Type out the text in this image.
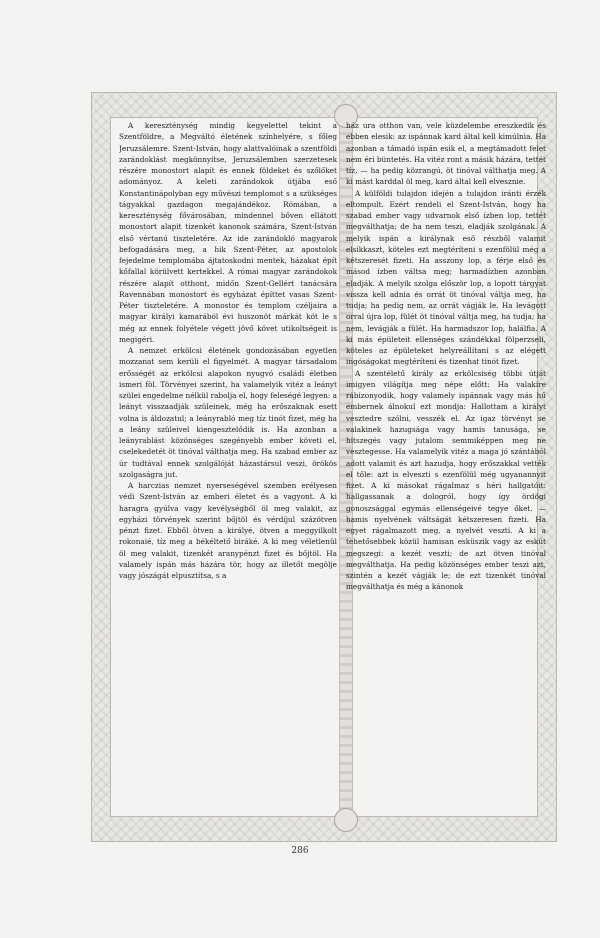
A kereszténység mindig kegyelettel tekint a Szentföldre, a Megváltó életének színhelyére, s főleg Jeruzsálemre. Szent-István, hogy alattvalóinak a szentföldi zarándoklást megkönnyítse, Jeruzsálemben szerzetesek részére monostort alapít és ennek földeket és szőlőket adományoz. A keleti zarándokok útjába eső Konstantinápolyban egy művészi templomot s a szükséges tágyakkal gazdagon megajándékoz. Rómában, a kereszténység fővárosában, mindennel bőven ellátott monostort alapit tizenkét kanonok számára, Szent-István első vértanú tiszteletére. Az ide zarándokló magyarok befogadására meg, a hik Szent-Péter, az apostolok fejedelme templomába ájtatoskodni mentek, házakat épít kőfallal körülvett kertekkel. A római magyar zarándokok részére alapít otthont, midőn Szent-Gellért tanácsára Ravennában monostort és egyházat építtet vasas Szent-Péter tiszteletére. A monostor és templom czéljaira a magyar királyi kamarából évi huszonöt márkát köt le s még az ennek folyétele végett jövő követ utikoltségeit is megigéri.

A nemzet erkölcsi életének gondozásában egyetlen mozzanat sem kerüli el figyelmét. A magyar társadalom erősségét az erkölcsi alapokon nyugvó családi életben ismeri föl. Törvényei szerint, ha valamelyik vitéz a leányt szülei engedelme nélkül rabolja el, hogy feleségé legyen: a leányt visszaadják szüleinek, még ha erőszaknak esett volna is áldozatul; a leányrabló meg tíz tinót fizet, még ha a leány szüleivel kiengesztelődik is. Ha azonban a leányrablást közönséges szegényebb ember követi el, cselekedetét öt tinóval válthatja meg. Ha szabad ember az úr tudtával ennek szolgálóját házastársul veszi, örökös szolgaságra jut.

A harczias nemzet nyerseségével szemben erélyesen védi Szent-István az emberi életet és a vagyont. A ki haragra gyúlva vagy kevélységből öl meg valakit, az egyházi törvények szerint bőjtöl és vérdíjul százötven pénzt fizet. Ebből ötven a királyé, ötven a meggyilkolt rokonaié, tíz meg a békéltető biráké. A ki meg véletlenül öl meg valakit, tizenkét aranypénzt fizet és bőjtöl. Ha valamely ispán más házára tör, hogy az illetőt megölje vagy jószágát elpusztítsa, s a

ház ura otthon van, vele küzdelembe ereszkedik és ebben elesik: az ispánnak kard által kell kimúlnia. Ha azonban a támadó ispán esik el, a megtámadott felet nem éri büntetés. Ha vitéz ront a másik házára, tettét tíz, — ha pedig közrangú, öt tinóval válthatja meg. A ki mást karddal öl meg, kard által kell elvesznie.

A külföldi tulajdon idején a tulajdon iránti érzék eltompult. Ezért rendeli el Szent-István, hogy ha szabad ember vagy udvarnok első ízben lop, tettét megválthatja; de ha nem teszi, eladják szolgának. A melyik ispán a királynak eső részből valamit elsikkaszt, köteles ezt megtéríteni s ezenfölül még a kétszeresét fizeti. Ha asszony lop, a férje első és másod ízben váltsa meg; harmadízben azonban eladják. A melyik szolga először lop, a lopott tárgyat vissza kell adnia és orrát öt tinóval váltja meg, ha tudja; ha pedig nem, az orrát vágják le. Ha levágott orral újra lop, fülét öt tinóval váltja meg, ha tudja; ha nem, levágják a fülét. Ha harmadszor lop, halálfia. A ki más épületeit ellenséges szándékkal fölperzseli, köteles az épületeket helyreállítani s az elégett ingóságokat megtéríteni és tizenhat tinót fizet.

A szentéletű király az erkölcsiség többi útját imigyen világítja meg népe előtt: Ha valakire rábizonyodik, hogy valamely ispánnak vagy más hű embernek álnokul ezt mondja: Hallottam a királyt vesztedre szólni, vesszék el. Az igaz törvényt se valakinek hazugsága vagy hamis tanusága, se hitszegés vagy jutalom semmiképpen meg ne vesztegesse. Ha valamelyik vitéz a maga jó szántából adott valamit és azt hazudja, hogy erőszakkal vették el tőle: azt is elveszti s ezenfölül még ugyanannyit fizet. A ki másokat rágalmaz s héri hallgatóit: hallgassanak a dologról, hogy így ördögi gonoszsággal egymás ellenségeivé tegye őket. — hamis nyelvének váltságát kétszeresen fizeti. Ha egyet rágalmazott meg, a nyelvét veszti. A ki a tehetősebbek közül hamisan esküszik vagy az esküt megszegi: a kezét veszti; de azt ötven tinóval megválthatja. Ha pedig közönséges ember teszi azt, szintén a kezét vágják le; de ezt tizenkét tinóval megválthatja és még a kánonok

286
